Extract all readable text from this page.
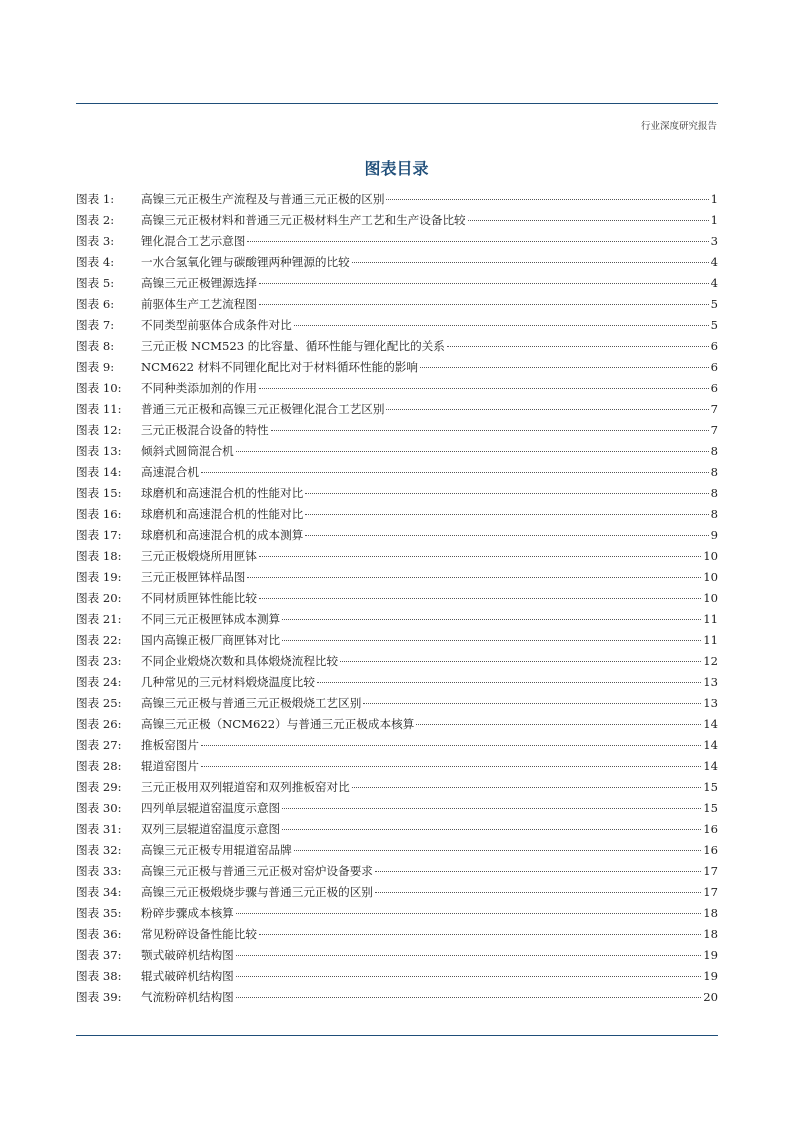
行业深度研究报告
图表目录
图表 1:	高镍三元正极生产流程及与普通三元正极的区别	1
图表 2:	高镍三元正极材料和普通三元正极材料生产工艺和生产设备比较	1
图表 3:	锂化混合工艺示意图	3
图表 4:	一水合氢氧化锂与碳酸锂两种锂源的比较	4
图表 5:	高镍三元正极锂源选择	4
图表 6:	前驱体生产工艺流程图	5
图表 7:	不同类型前驱体合成条件对比	5
图表 8:	三元正极 NCM523 的比容量、循环性能与锂化配比的关系	6
图表 9:	NCM622 材料不同锂化配比对于材料循环性能的影响	6
图表 10:	不同种类添加剂的作用	6
图表 11:	普通三元正极和高镍三元正极锂化混合工艺区别	7
图表 12:	三元正极混合设备的特性	7
图表 13:	倾斜式圆筒混合机	8
图表 14:	高速混合机	8
图表 15:	球磨机和高速混合机的性能对比	8
图表 16:	球磨机和高速混合机的性能对比	8
图表 17:	球磨机和高速混合机的成本测算	9
图表 18:	三元正极煅烧所用匣钵	10
图表 19:	三元正极匣钵样品图	10
图表 20:	不同材质匣钵性能比较	10
图表 21:	不同三元正极匣钵成本测算	11
图表 22:	国内高镍正极厂商匣钵对比	11
图表 23:	不同企业煅烧次数和具体煅烧流程比较	12
图表 24:	几种常见的三元材料煅烧温度比较	13
图表 25:	高镍三元正极与普通三元正极煅烧工艺区别	13
图表 26:	高镍三元正极（NCM622）与普通三元正极成本核算	14
图表 27:	推板窑图片	14
图表 28:	辊道窑图片	14
图表 29:	三元正极用双列辊道窑和双列推板窑对比	15
图表 30:	四列单层辊道窑温度示意图	15
图表 31:	双列三层辊道窑温度示意图	16
图表 32:	高镍三元正极专用辊道窑品牌	16
图表 33:	高镍三元正极与普通三元正极对窑炉设备要求	17
图表 34:	高镍三元正极煅烧步骤与普通三元正极的区别	17
图表 35:	粉碎步骤成本核算	18
图表 36:	常见粉碎设备性能比较	18
图表 37:	颚式破碎机结构图	19
图表 38:	辊式破碎机结构图	19
图表 39:	气流粉碎机结构图	20
